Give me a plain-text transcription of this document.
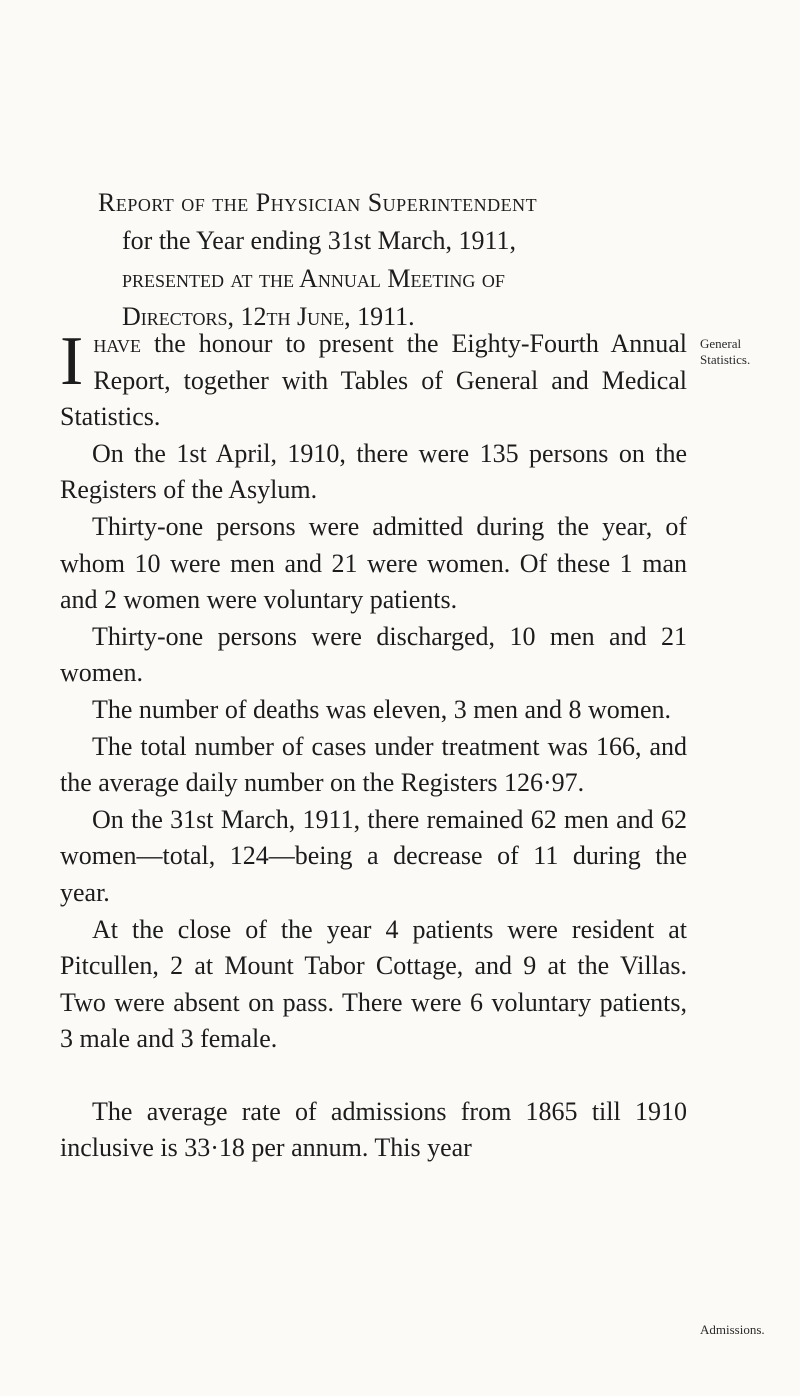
Report of the Physician Superintendent
for the Year ending 31st March, 1911,
presented at the Annual Meeting of
Directors, 12th June, 1911.
General Statistics.
Admissions.

Ihave the honour to present the Eighty-Fourth Annual Report, together with Tables of General and Medical Statistics.

On the 1st April, 1910, there were 135 persons on the Registers of the Asylum.

Thirty-one persons were admitted during the year, of whom 10 were men and 21 were women. Of these 1 man and 2 women were voluntary patients.

Thirty-one persons were discharged, 10 men and 21 women.

The number of deaths was eleven, 3 men and 8 women.

The total number of cases under treatment was 166, and the average daily number on the Registers 126·97.

On the 31st March, 1911, there remained 62 men and 62 women—total, 124—being a decrease of 11 during the year.

At the close of the year 4 patients were resident at Pitcullen, 2 at Mount Tabor Cottage, and 9 at the Villas. Two were absent on pass. There were 6 voluntary patients, 3 male and 3 female.

The average rate of admissions from 1865 till 1910 inclusive is 33·18 per annum. This year
